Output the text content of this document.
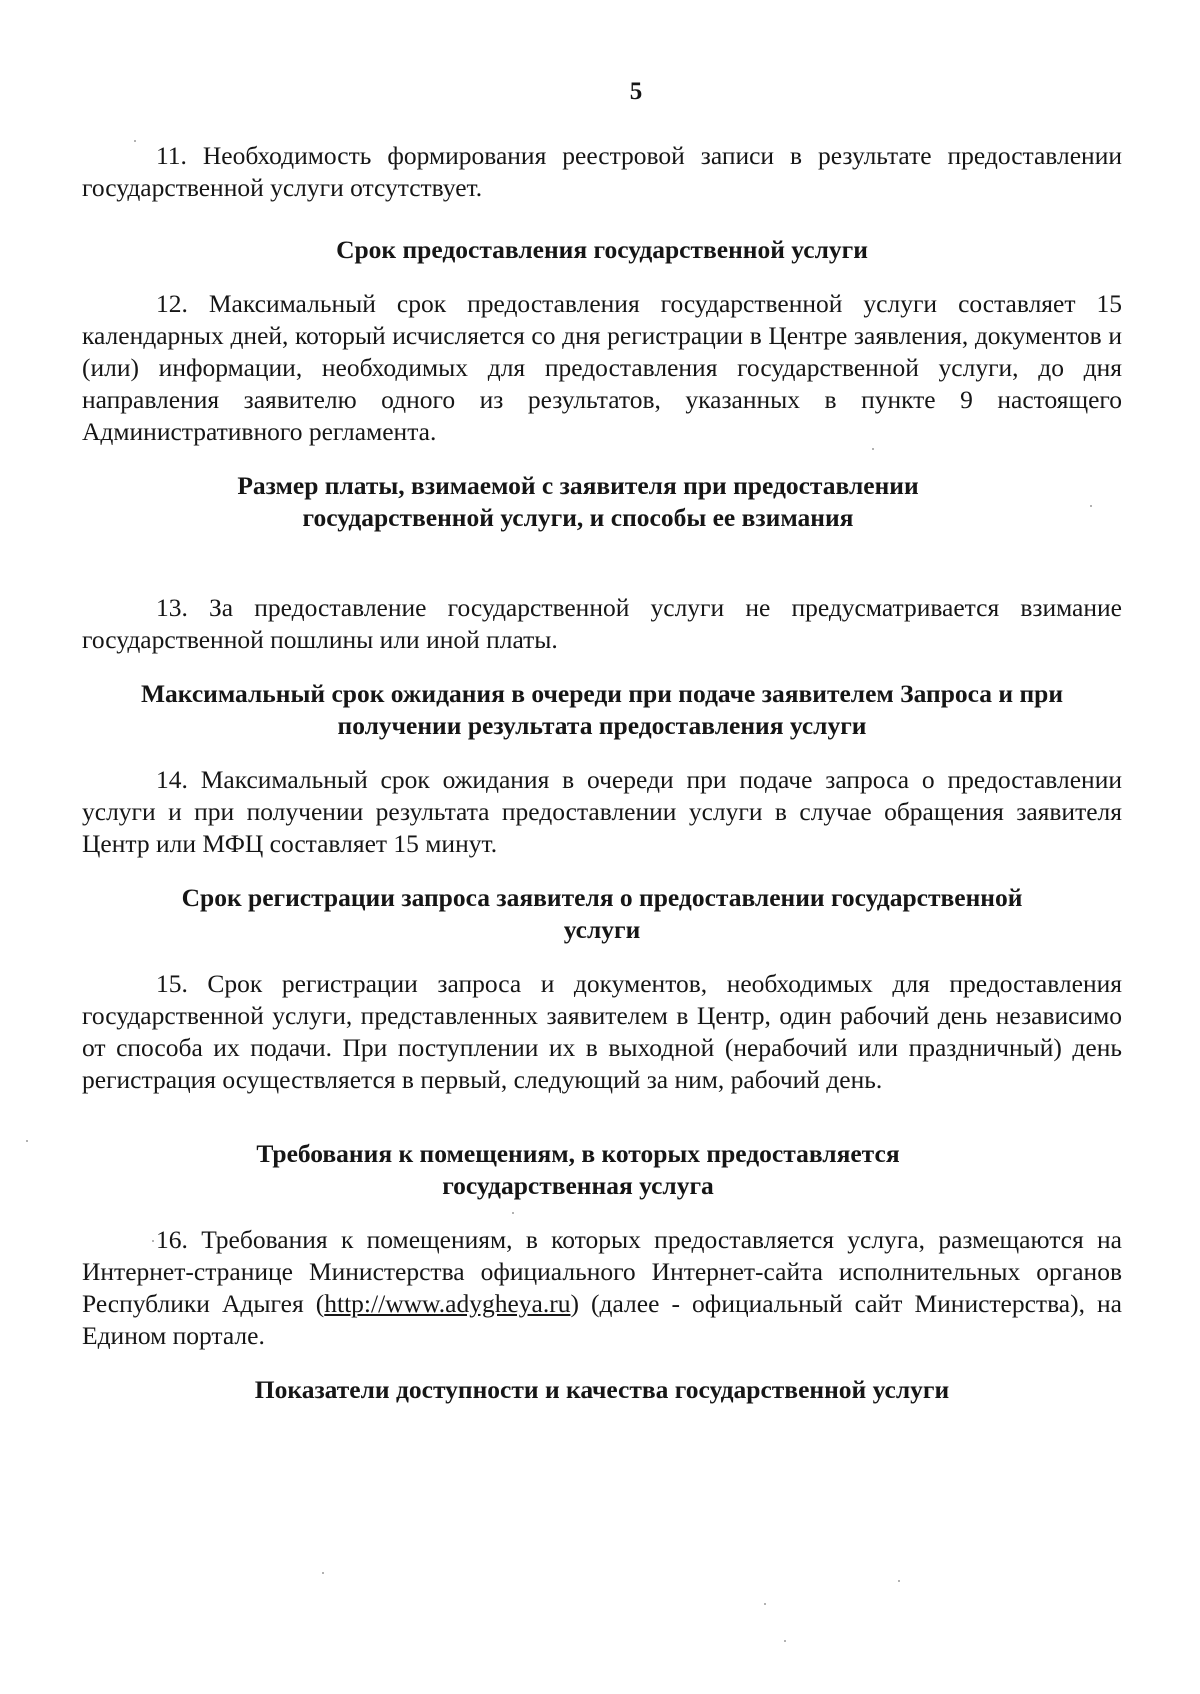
5

11. Необходимость формирования реестровой записи в результате предоставлении государственной услуги отсутствует.

Срок предоставления государственной услуги

12. Максимальный срок предоставления государственной услуги составляет 15 календарных дней, который исчисляется со дня регистрации в Центре заявления, документов и (или) информации, необходимых для предоставления государственной услуги, до дня направления заявителю одного из результатов, указанных в пункте 9 настоящего Административного регламента.

Размер платы, взимаемой с заявителя при предоставлении

государственной услуги, и способы ее взимания

13. За предоставление государственной услуги не предусматривается взимание государственной пошлины или иной платы.

Максимальный срок ожидания в очереди при подаче заявителем Запроса и при

получении результата предоставления услуги

14. Максимальный срок ожидания в очереди при подаче запроса о предоставлении услуги и при получении результата предоставлении услуги в случае обращения заявителя Центр или МФЦ составляет 15 минут.

Срок регистрации запроса заявителя о предоставлении государственной

услуги

15. Срок регистрации запроса и документов, необходимых для предоставления государственной услуги, представленных заявителем в Центр, один рабочий день независимо от способа их подачи. При поступлении их в выходной (нерабочий или праздничный) день регистрация осуществляется в первый, следующий за ним, рабочий день.

Требования к помещениям, в которых предоставляется

государственная услуга

16. Требования к помещениям, в которых предоставляется услуга, размещаются на Интернет-странице Министерства официального Интернет-сайта исполнительных органов Республики Адыгея (http://www.adygheya.ru) (далее - официальный сайт Министерства), на Едином портале.

Показатели доступности и качества государственной услуги
